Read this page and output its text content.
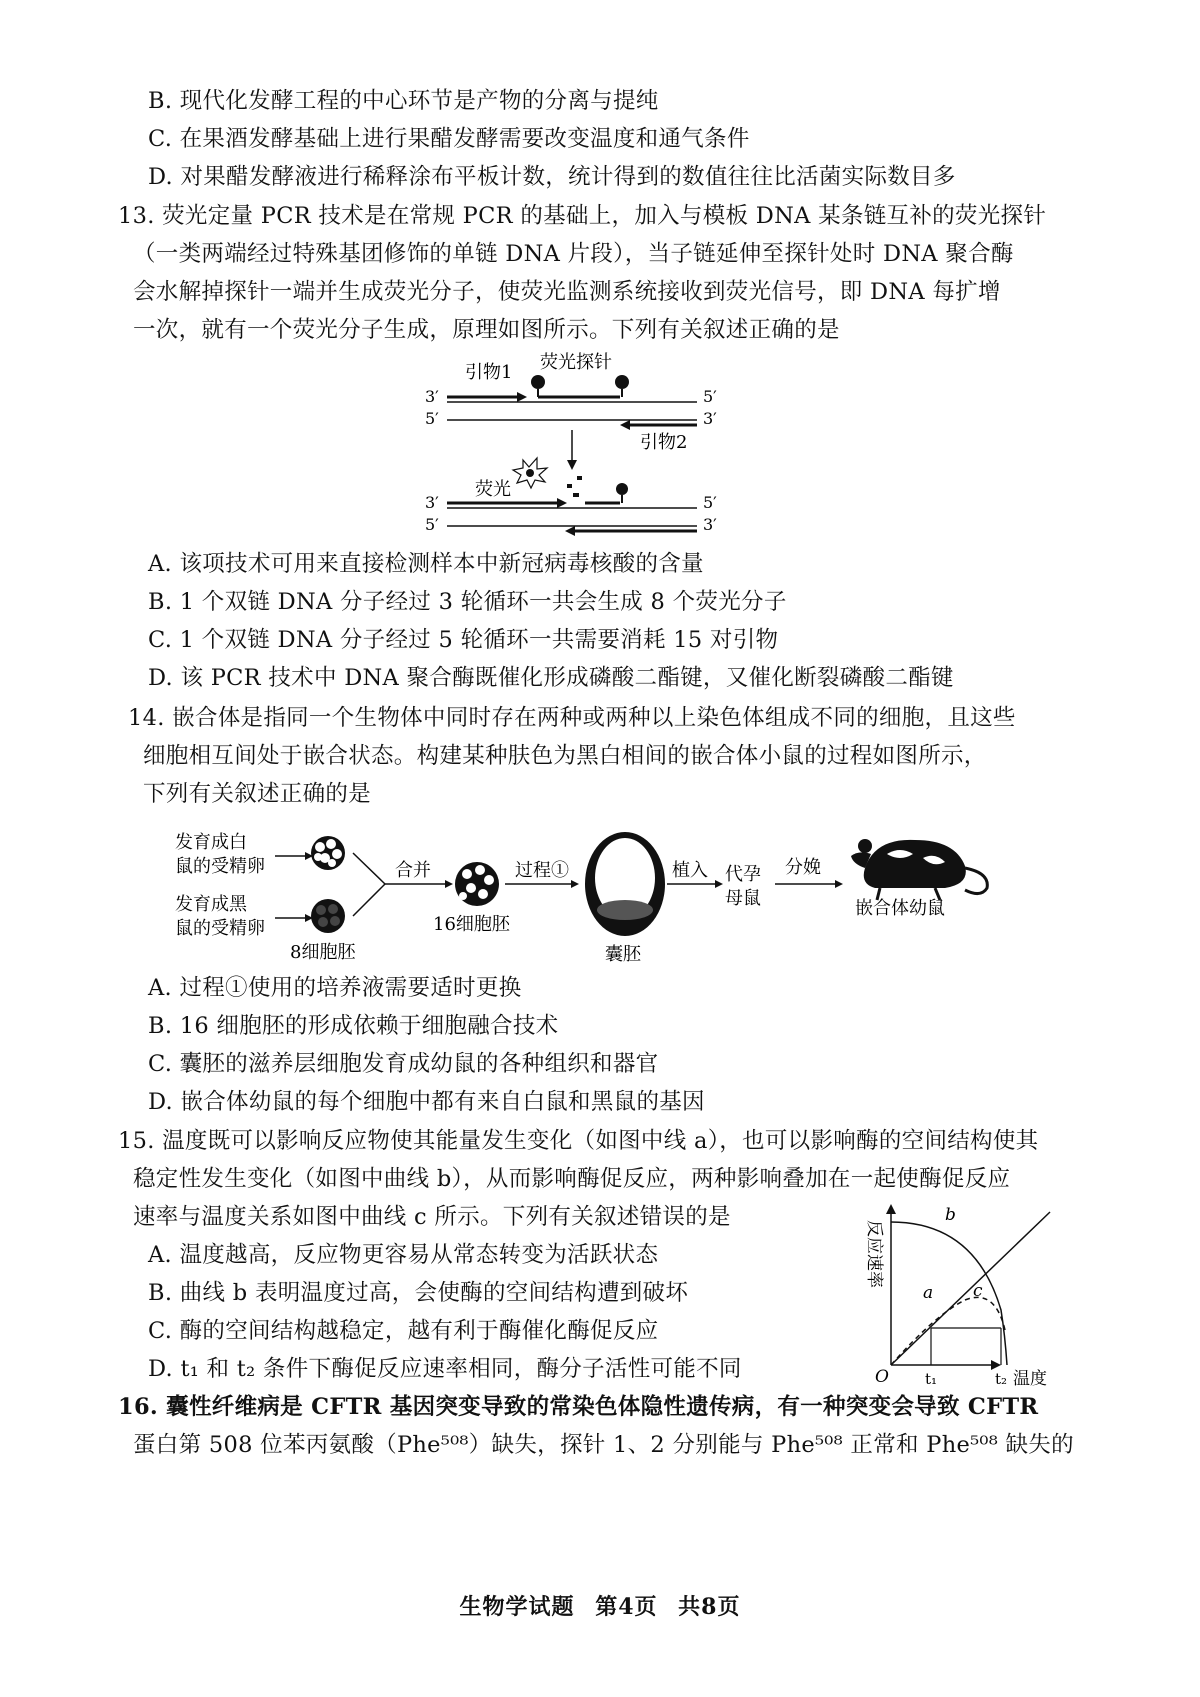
B. 现代化发酵工程的中心环节是产物的分离与提纯
C. 在果酒发酵基础上进行果醋发酵需要改变温度和通气条件
D. 对果醋发酵液进行稀释涂布平板计数，统计得到的数值往往比活菌实际数目多
13. 荧光定量 PCR 技术是在常规 PCR 的基础上，加入与模板 DNA 某条链互补的荧光探针
（一类两端经过特殊基团修饰的单链 DNA 片段），当子链延伸至探针处时 DNA 聚合酶
会水解掉探针一端并生成荧光分子，使荧光监测系统接收到荧光信号，即 DNA 每扩增
一次，就有一个荧光分子生成，原理如图所示。下列有关叙述正确的是
引物1 荧光探针
3′
5′
5′
3′
引物2
荧光
3′
5′
5′
3′
A. 该项技术可用来直接检测样本中新冠病毒核酸的含量
B. 1 个双链 DNA 分子经过 3 轮循环一共会生成 8 个荧光分子
C. 1 个双链 DNA 分子经过 5 轮循环一共需要消耗 15 对引物
D. 该 PCR 技术中 DNA 聚合酶既催化形成磷酸二酯键，又催化断裂磷酸二酯键
14. 嵌合体是指同一个生物体中同时存在两种或两种以上染色体组成不同的细胞，且这些
细胞相互间处于嵌合状态。构建某种肤色为黑白相间的嵌合体小鼠的过程如图所示，
下列有关叙述正确的是
发育成白
鼠的受精卵
发育成黑
鼠的受精卵
8细胞胚
合并
16细胞胚
过程①
囊胚
植入 代孕
母鼠
分娩
嵌合体幼鼠
A. 过程①使用的培养液需要适时更换
B. 16 细胞胚的形成依赖于细胞融合技术
C. 囊胚的滋养层细胞发育成幼鼠的各种组织和器官
D. 嵌合体幼鼠的每个细胞中都有来自白鼠和黑鼠的基因
15. 温度既可以影响反应物使其能量发生变化（如图中线 a），也可以影响酶的空间结构使其
稳定性发生变化（如图中曲线 b），从而影响酶促反应，两种影响叠加在一起使酶促反应
速率与温度关系如图中曲线 c 所示。下列有关叙述错误的是
A. 温度越高，反应物更容易从常态转变为活跃状态
B. 曲线 b 表明温度过高，会使酶的空间结构遭到破坏
C. 酶的空间结构越稳定，越有利于酶催化酶促反应
D. t₁ 和 t₂ 条件下酶促反应速率相同，酶分子活性可能不同
反应速率
O
b
a c
t₁	t₂ 温度
16. 囊性纤维病是 CFTR 基因突变导致的常染色体隐性遗传病，有一种突变会导致 CFTR
蛋白第 508 位苯丙氨酸（Phe⁵⁰⁸）缺失，探针 1、2 分别能与 Phe⁵⁰⁸ 正常和 Phe⁵⁰⁸ 缺失的
生物学试题 第4页 共8页
